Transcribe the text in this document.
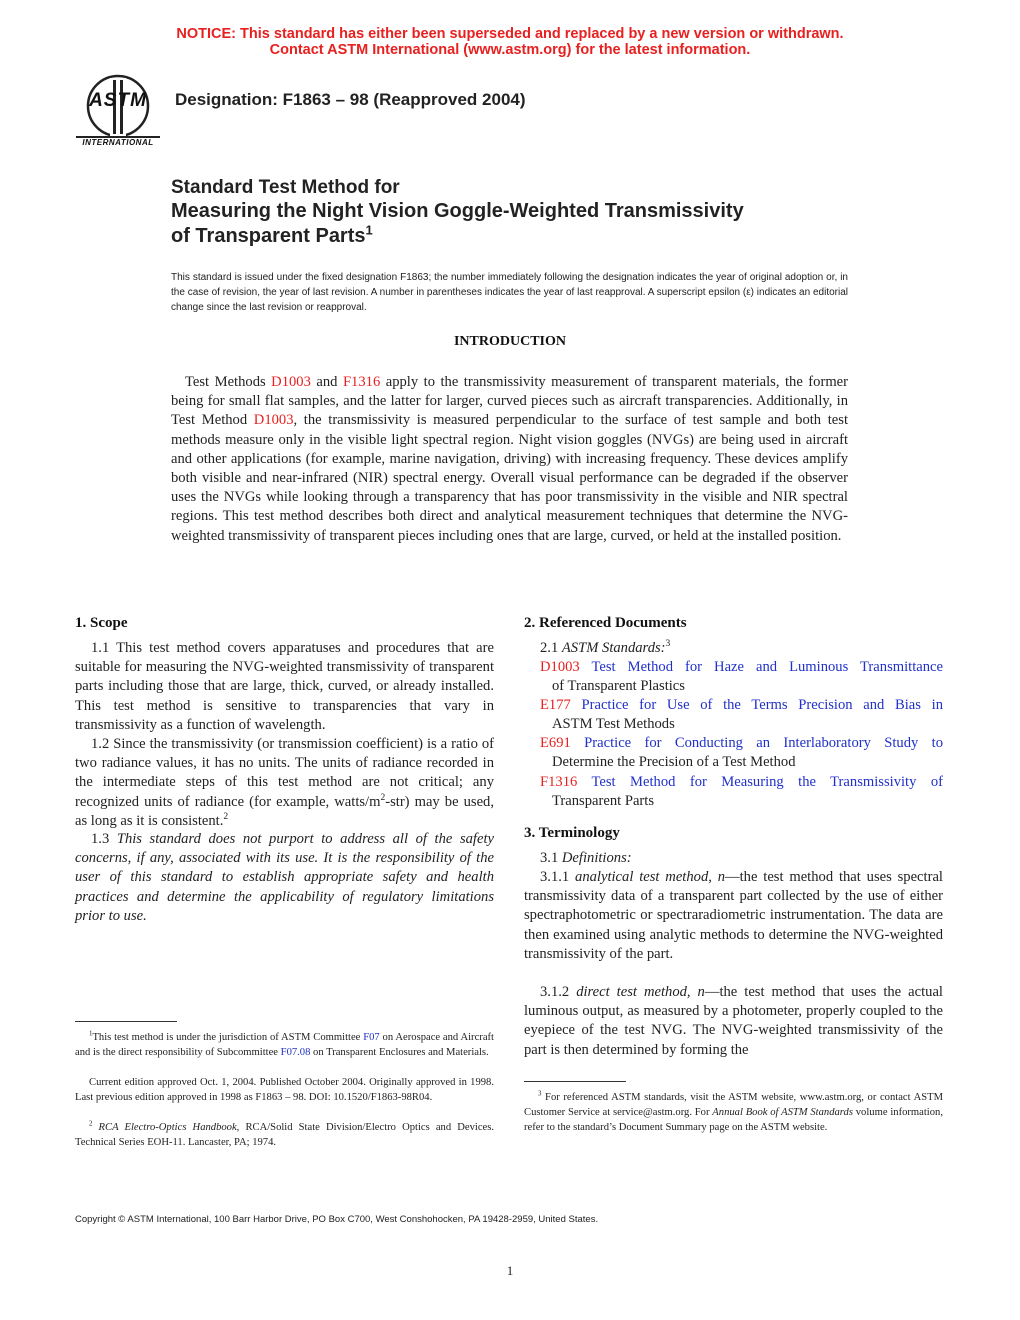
NOTICE: This standard has either been superseded and replaced by a new version or withdrawn.
Contact ASTM International (www.astm.org) for the latest information.
ASTM
INTERNATIONAL
Designation: F1863 – 98 (Reapproved 2004)
Standard Test Method for
Measuring the Night Vision Goggle-Weighted Transmissivity
of Transparent Parts$^1$
This standard is issued under the fixed designation F1863; the number immediately following the designation indicates the year of original adoption or, in the case of revision, the year of last revision. A number in parentheses indicates the year of last reapproval. A superscript epsilon (ε) indicates an editorial change since the last revision or reapproval.
INTRODUCTION
Test Methods D1003 and F1316 apply to the transmissivity measurement of transparent materials, the former being for small flat samples, and the latter for larger, curved pieces such as aircraft transparencies. Additionally, in Test Method D1003, the transmissivity is measured perpendicular to the surface of test sample and both test methods measure only in the visible light spectral region. Night vision goggles (NVGs) are being used in aircraft and other applications (for example, marine navigation, driving) with increasing frequency. These devices amplify both visible and near-infrared (NIR) spectral energy. Overall visual performance can be degraded if the observer uses the NVGs while looking through a transparency that has poor transmissivity in the visible and NIR spectral regions. This test method describes both direct and analytical measurement techniques that determine the NVG-weighted transmissivity of transparent pieces including ones that are large, curved, or held at the installed position.
1. Scope
1.1 This test method covers apparatuses and procedures that are suitable for measuring the NVG-weighted transmissivity of transparent parts including those that are large, thick, curved, or already installed. This test method is sensitive to transparencies that vary in transmissivity as a function of wavelength.
1.2 Since the transmissivity (or transmission coefficient) is a ratio of two radiance values, it has no units. The units of radiance recorded in the intermediate steps of this test method are not critical; any recognized units of radiance (for example, watts/$m^2-str$) may be used, as long as it is consistent.$^2$
1.3 This standard does not purport to address all of the safety concerns, if any, associated with its use. It is the responsibility of the user of this standard to establish appropriate safety and health practices and determine the applicability of regulatory limitations prior to use.
$^1$This test method is under the jurisdiction of ASTM Committee F07 on Aerospace and Aircraft and is the direct responsibility of Subcommittee F07.08 on Transparent Enclosures and Materials.
Current edition approved Oct. 1, 2004. Published October 2004. Originally approved in 1998. Last previous edition approved in 1998 as F1863 – 98. DOI: 10.1520/F1863-98R04.
$^2$ RCA Electro-Optics Handbook, RCA/Solid State Division/Electro Optics and Devices. Technical Series EOH-11. Lancaster, PA; 1974.
2. Referenced Documents
2.1 ASTM Standards:$^3$
D1003 Test Method for Haze and Luminous Transmittance
of Transparent Plastics
E177 Practice for Use of the Terms Precision and Bias in
ASTM Test Methods
E691 Practice for Conducting an Interlaboratory Study to
Determine the Precision of a Test Method
F1316 Test Method for Measuring the Transmissivity of
Transparent Parts
3. Terminology
3.1 Definitions:
3.1.1 analytical test method, n—the test method that uses spectral transmissivity data of a transparent part collected by the use of either spectraphotometric or spectraradiometric instrumentation. The data are then examined using analytic methods to determine the NVG-weighted transmissivity of the part.
3.1.2 direct test method, n—the test method that uses the actual luminous output, as measured by a photometer, properly coupled to the eyepiece of the test NVG. The NVG-weighted transmissivity of the part is then determined by forming the
$^3$ For referenced ASTM standards, visit the ASTM website, www.astm.org, or contact ASTM Customer Service at service@astm.org. For Annual Book of ASTM Standards volume information, refer to the standard’s Document Summary page on the ASTM website.
Copyright © ASTM International, 100 Barr Harbor Drive, PO Box C700, West Conshohocken, PA 19428-2959, United States.
1
